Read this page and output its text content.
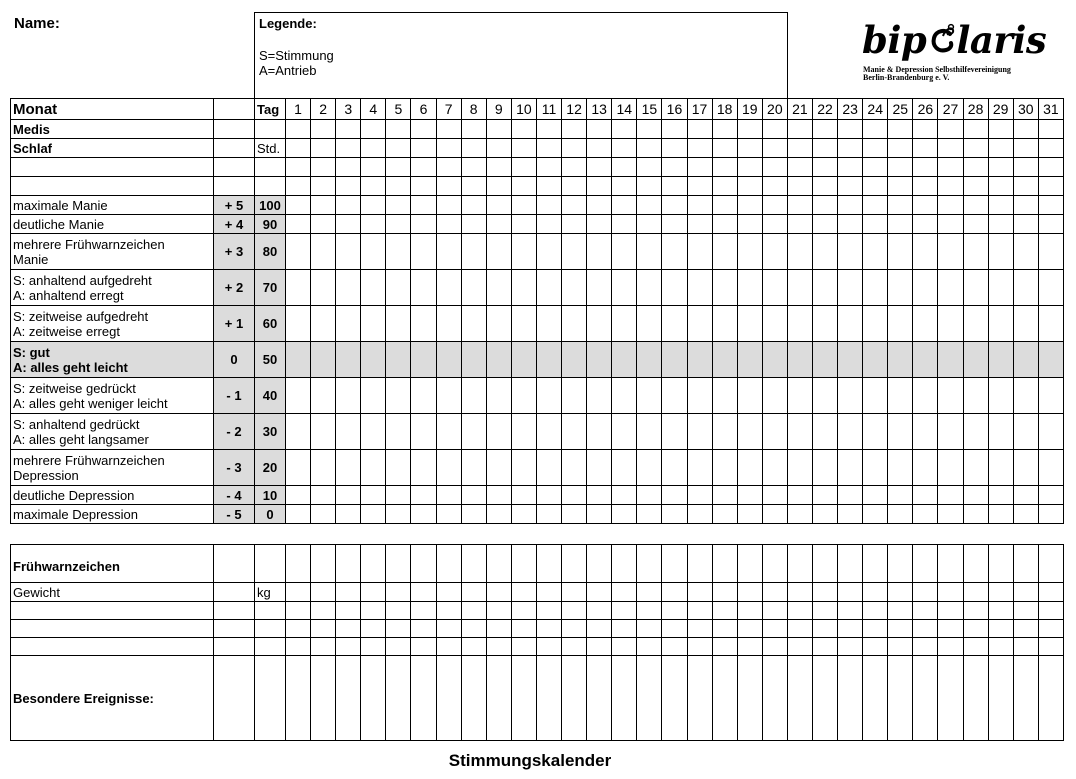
Name:	Legende:
S=Stimmung
A=Antrieb
bip laris
Manie & Depression Selbsthilfevereinigung
Berlin-Brandenburg e. V.
Monat		Tag	1	2	3	4	5	6	7	8	9	10	11	12	13	14	15	16	17	18	19	20	21	22	23	24	25	26	27	28	29	30	31
Medis																																	
Schlaf		Std.																															

maximale Manie	+ 5	100																															

deutliche Manie	+ 4	90																															

mehrere Frühwarnzeichen
Manie	+ 3	80																															

S: anhaltend aufgedreht
A: anhaltend erregt	+ 2	70																															

S: zeitweise aufgedreht
A: zeitweise erregt	+ 1	60																															

S: gut
A: alles geht leicht	0	50																															

S: zeitweise gedrückt
A: alles geht weniger leicht	- 1	40																															

S: anhaltend gedrückt
A: alles geht langsamer	- 2	30																															

mehrere Frühwarnzeichen
Depression	- 3	20																															

deutliche Depression	- 4	10																															

maximale Depression	- 5	0																															
Frühwarnzeichen																																	
Gewicht		kg																															

Besondere Ereignisse:																																	
Stimmungskalender
